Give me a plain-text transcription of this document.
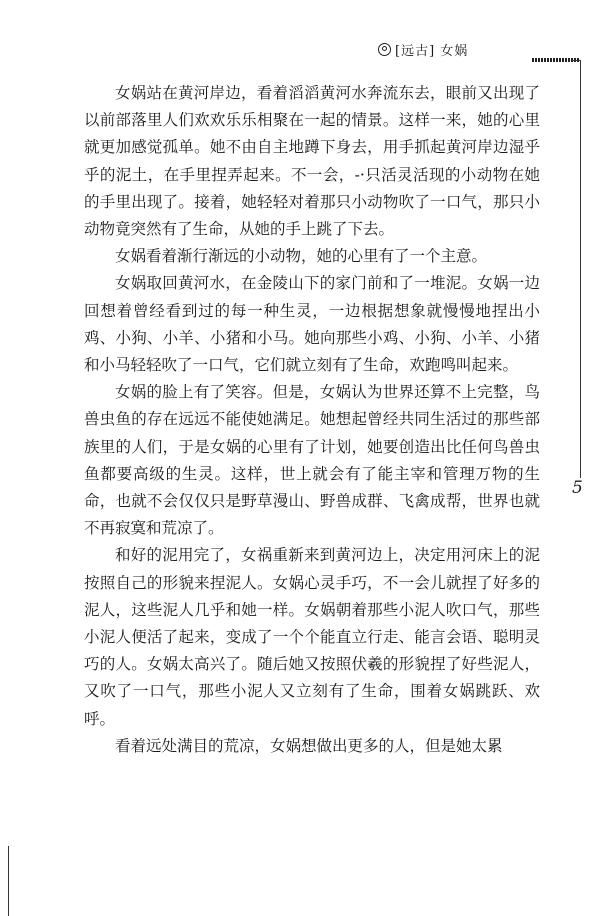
[远古] 女娲
5

女娲站在黄河岸边，看着滔滔黄河水奔流东去，眼前又出现了以前部落里人们欢欢乐乐相聚在一起的情景。这样一来，她的心里就更加感觉孤单。她不由自主地蹲下身去，用手抓起黄河岸边湿乎乎的泥土，在手里捏弄起来。不一会，-·只活灵活现的小动物在她的手里出现了。接着，她轻轻对着那只小动物吹了一口气，那只小动物竟突然有了生命，从她的手上跳了下去。

女娲看着渐行渐远的小动物，她的心里有了一个主意。

女娲取回黄河水，在金陵山下的家门前和了一堆泥。女娲一边回想着曾经看到过的每一种生灵，一边根据想象就慢慢地捏出小鸡、小狗、小羊、小猪和小马。她向那些小鸡、小狗、小羊、小猪和小马轻轻吹了一口气，它们就立刻有了生命，欢跑鸣叫起来。

女娲的脸上有了笑容。但是，女娲认为世界还算不上完整，鸟兽虫鱼的存在远远不能使她满足。她想起曾经共同生活过的那些部族里的人们，于是女娲的心里有了计划，她要创造出比任何鸟兽虫鱼都要高级的生灵。这样，世上就会有了能主宰和管理万物的生命，也就不会仅仅只是野草漫山、野兽成群、飞禽成帮，世界也就不再寂寞和荒凉了。

和好的泥用完了，女祸重新来到黄河边上，决定用河床上的泥按照自己的形貌来捏泥人。女娲心灵手巧，不一会儿就捏了好多的泥人，这些泥人几乎和她一样。女娲朝着那些小泥人吹口气，那些小泥人便活了起来，变成了一个个能直立行走、能言会语、聪明灵巧的人。女娲太高兴了。随后她又按照伏羲的形貌捏了好些泥人，又吹了一口气，那些小泥人又立刻有了生命，围着女娲跳跃、欢呼。

看着远处满目的荒凉，女娲想做出更多的人，但是她太累
